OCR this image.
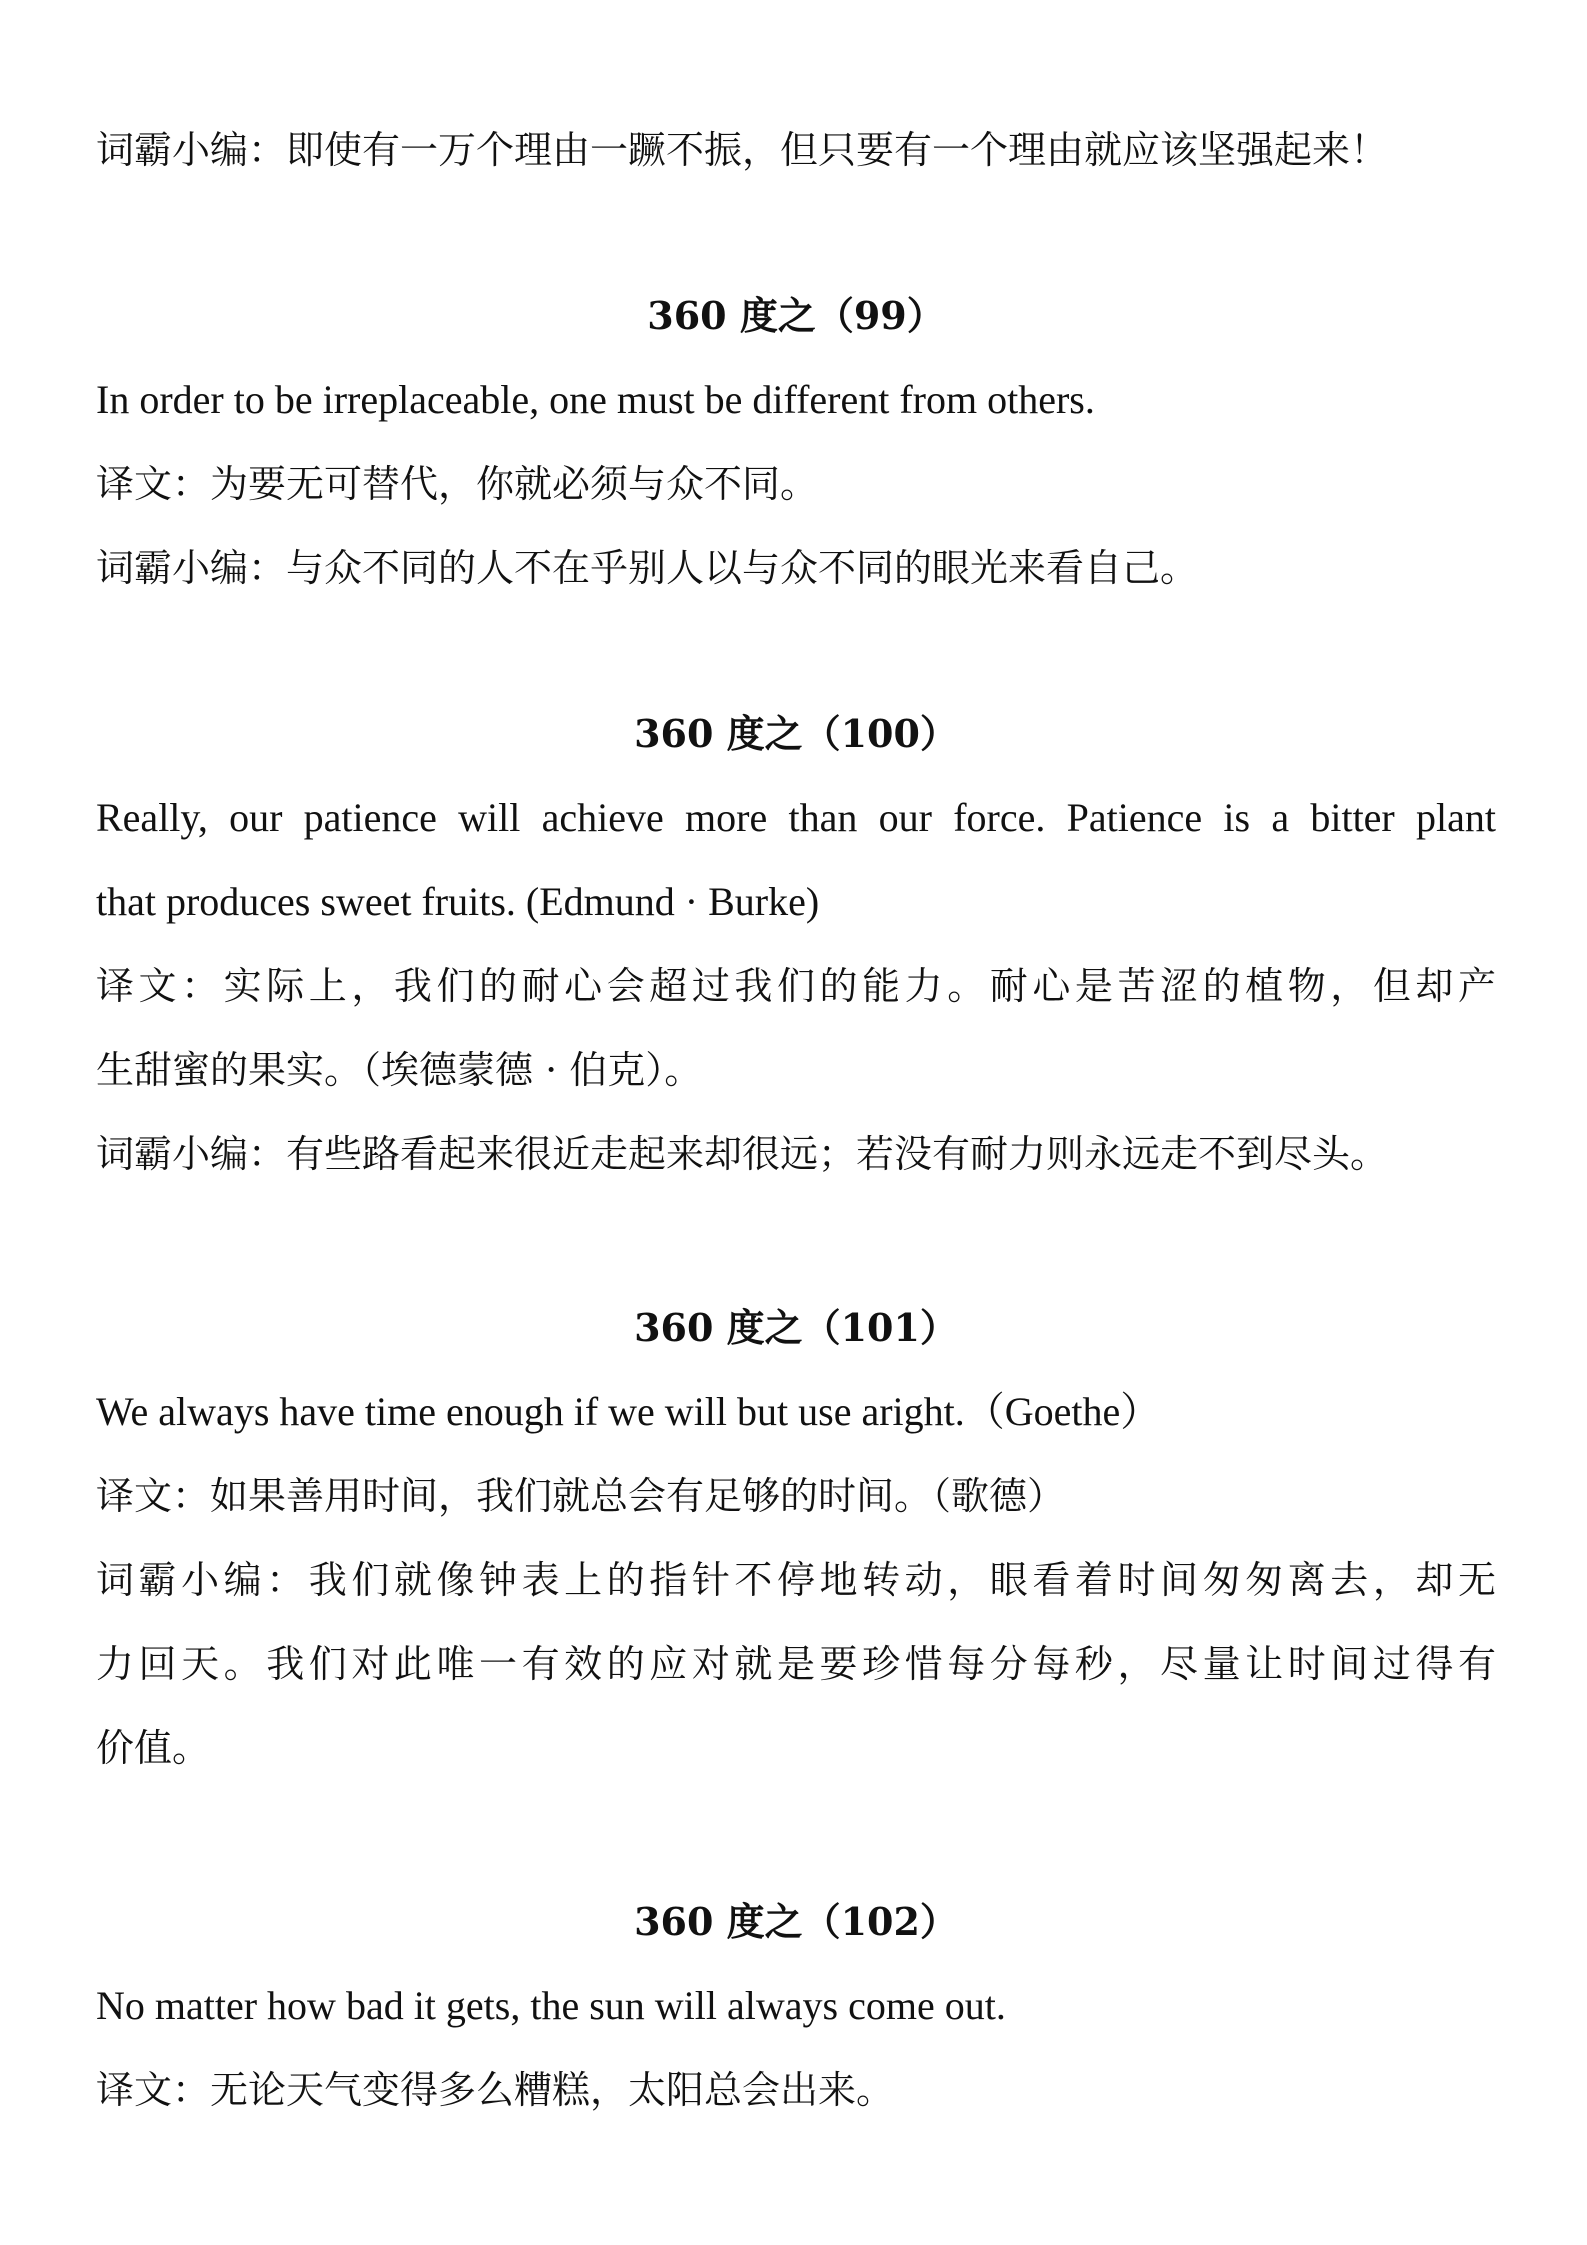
词霸小编：即使有一万个理由一蹶不振，但只要有一个理由就应该坚强起来！

360 度之（99）

In order to be irreplaceable, one must be different from others.

译文：为要无可替代，你就必须与众不同。

词霸小编：与众不同的人不在乎别人以与众不同的眼光来看自己。

360 度之（100）

Really, our patience will achieve more than our force. Patience is a bitter plant

that produces sweet fruits. (Edmund · Burke)

译文：实际上，我们的耐心会超过我们的能力。耐心是苦涩的植物，但却产

生甜蜜的果实。（埃德蒙德 · 伯克）。

词霸小编：有些路看起来很近走起来却很远；若没有耐力则永远走不到尽头。

360 度之（101）

We always have time enough if we will but use aright.（Goethe）

译文：如果善用时间，我们就总会有足够的时间。（歌德）

词霸小编：我们就像钟表上的指针不停地转动，眼看着时间匆匆离去，却无

力回天。我们对此唯一有效的应对就是要珍惜每分每秒，尽量让时间过得有

价值。

360 度之（102）

No matter how bad it gets, the sun will always come out.

译文：无论天气变得多么糟糕，太阳总会出来。
